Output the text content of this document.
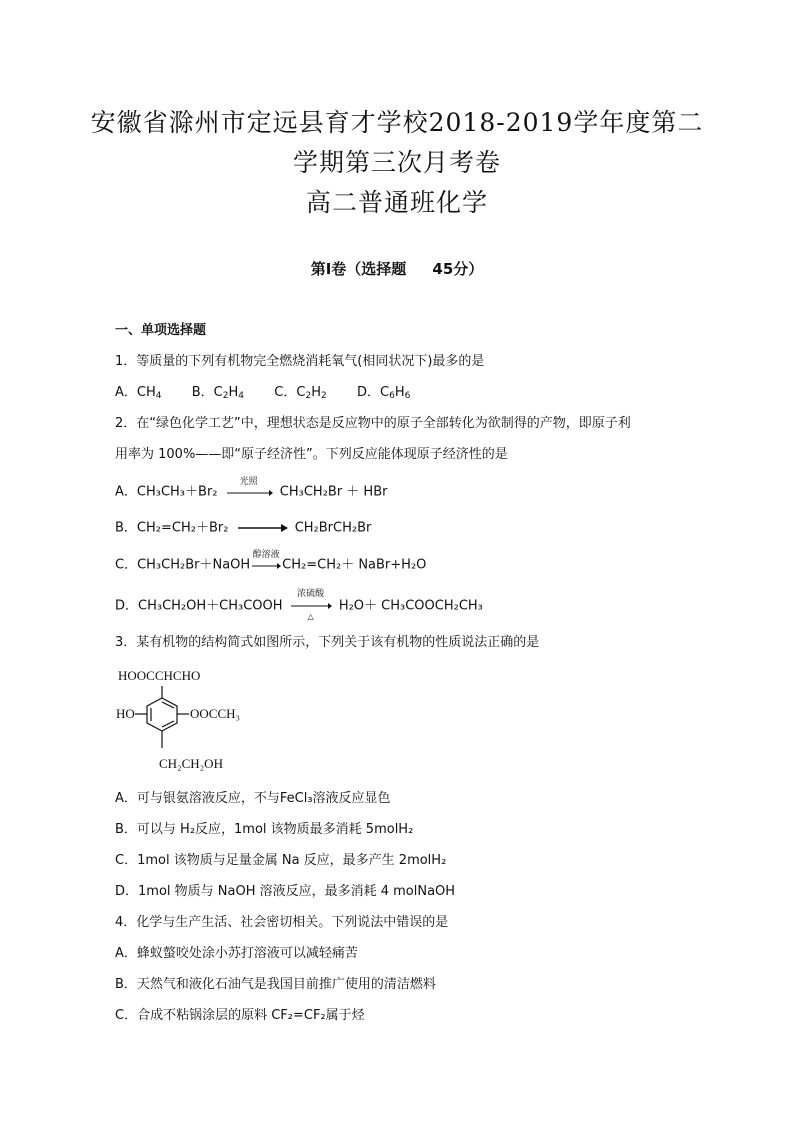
安徽省滁州市定远县育才学校2018-2019学年度第二
学期第三次月考卷
高二普通班化学
第Ⅰ卷（选择题     45分）
一、单项选择题
1．等质量的下列有机物完全燃烧消耗氧气(相同状况下)最多的是
A．$CH_4$ B．$C_2H_4$ C．$C_2H_2$ D．$C_6H_6$
2．在“绿色化学工艺”中，理想状态是反应物中的原子全部转化为欲制得的产物，即原子利
用率为 100%——即“原子经济性”。下列反应能体现原子经济性的是
A．CH₃CH₃＋Br₂
光照
CH₃CH₂Br ＋ HBr
B．CH₂=CH₂＋Br₂ → CH₂BrCH₂Br
C．CH₃CH₂Br＋NaOH
醇溶液
CH₂=CH₂＋ NaBr+H₂O
D．CH₃CH₂OH＋CH₃COOH
浓硫酸
△
H₂O＋ CH₃COOCH₂CH₃
3．某有机物的结构简式如图所示，下列关于该有机物的性质说法正确的是
HOOCCHCHO
HO	OOCCH₃
CH₂CH₂OH
A．可与银氨溶液反应，不与FeCl₃溶液反应显色
B．可以与 H₂反应，1mol 该物质最多消耗 5molH₂
C．1mol 该物质与足量金属 Na 反应，最多产生 2molH₂
D．1mol 物质与 NaOH 溶液反应，最多消耗 4 molNaOH
4．化学与生产生活、社会密切相关。下列说法中错误的是
A．蜂蚁螫咬处涂小苏打溶液可以减轻痛苦
B．天然气和液化石油气是我国目前推广使用的清洁燃料
C．合成不粘锅涂层的原料 CF₂=CF₂属于烃
